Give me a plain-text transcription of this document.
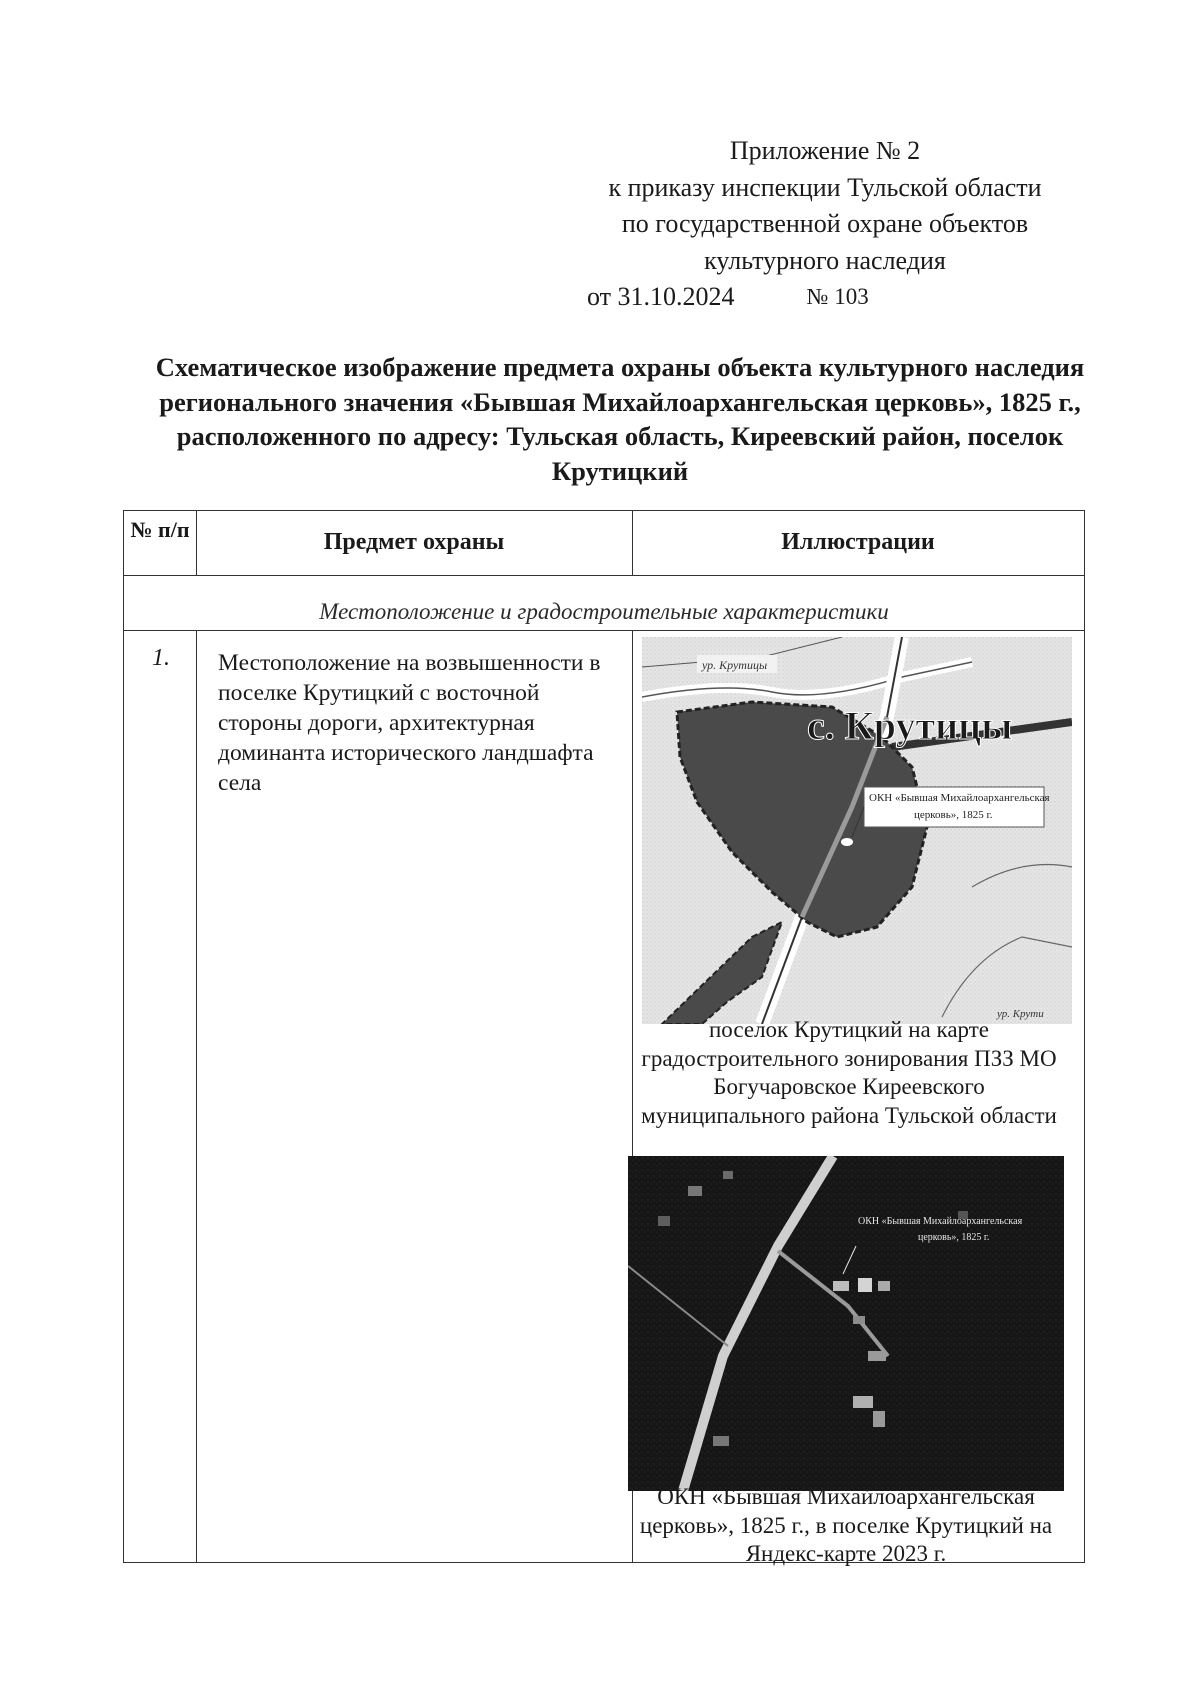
Приложение № 2
к приказу инспекции Тульской области
по государственной охране объектов
культурного наследия
от 31.10.2024	№ 103
Схематическое изображение предмета охраны объекта культурного наследия регионального значения «Бывшая Михайлоархангельская церковь», 1825 г., расположенного по адресу: Тульская область, Киреевский район, поселок Крутицкий
№ п/п	Предмет охраны	Иллюстрации
Местоположение и градостроительные характеристики
1. Местоположение на возвышенности в поселке Крутицкий с восточной стороны дороги, архитектурная доминанта исторического ландшафта села
ур. Крутицы
с. Крутицы
ОКН «Бывшая Михайлоархангельская
церковь», 1825 г.
ур. Крути
поселок Крутицкий на карте градостроительного зонирования ПЗЗ МО Богучаровское Киреевского муниципального района Тульской области
ОКН «Бывшая Михайлоархангельская
церковь», 1825 г.
ОКН «Бывшая Михайлоархангельская церковь», 1825 г., в поселке Крутицкий на Яндекс-карте 2023 г.
